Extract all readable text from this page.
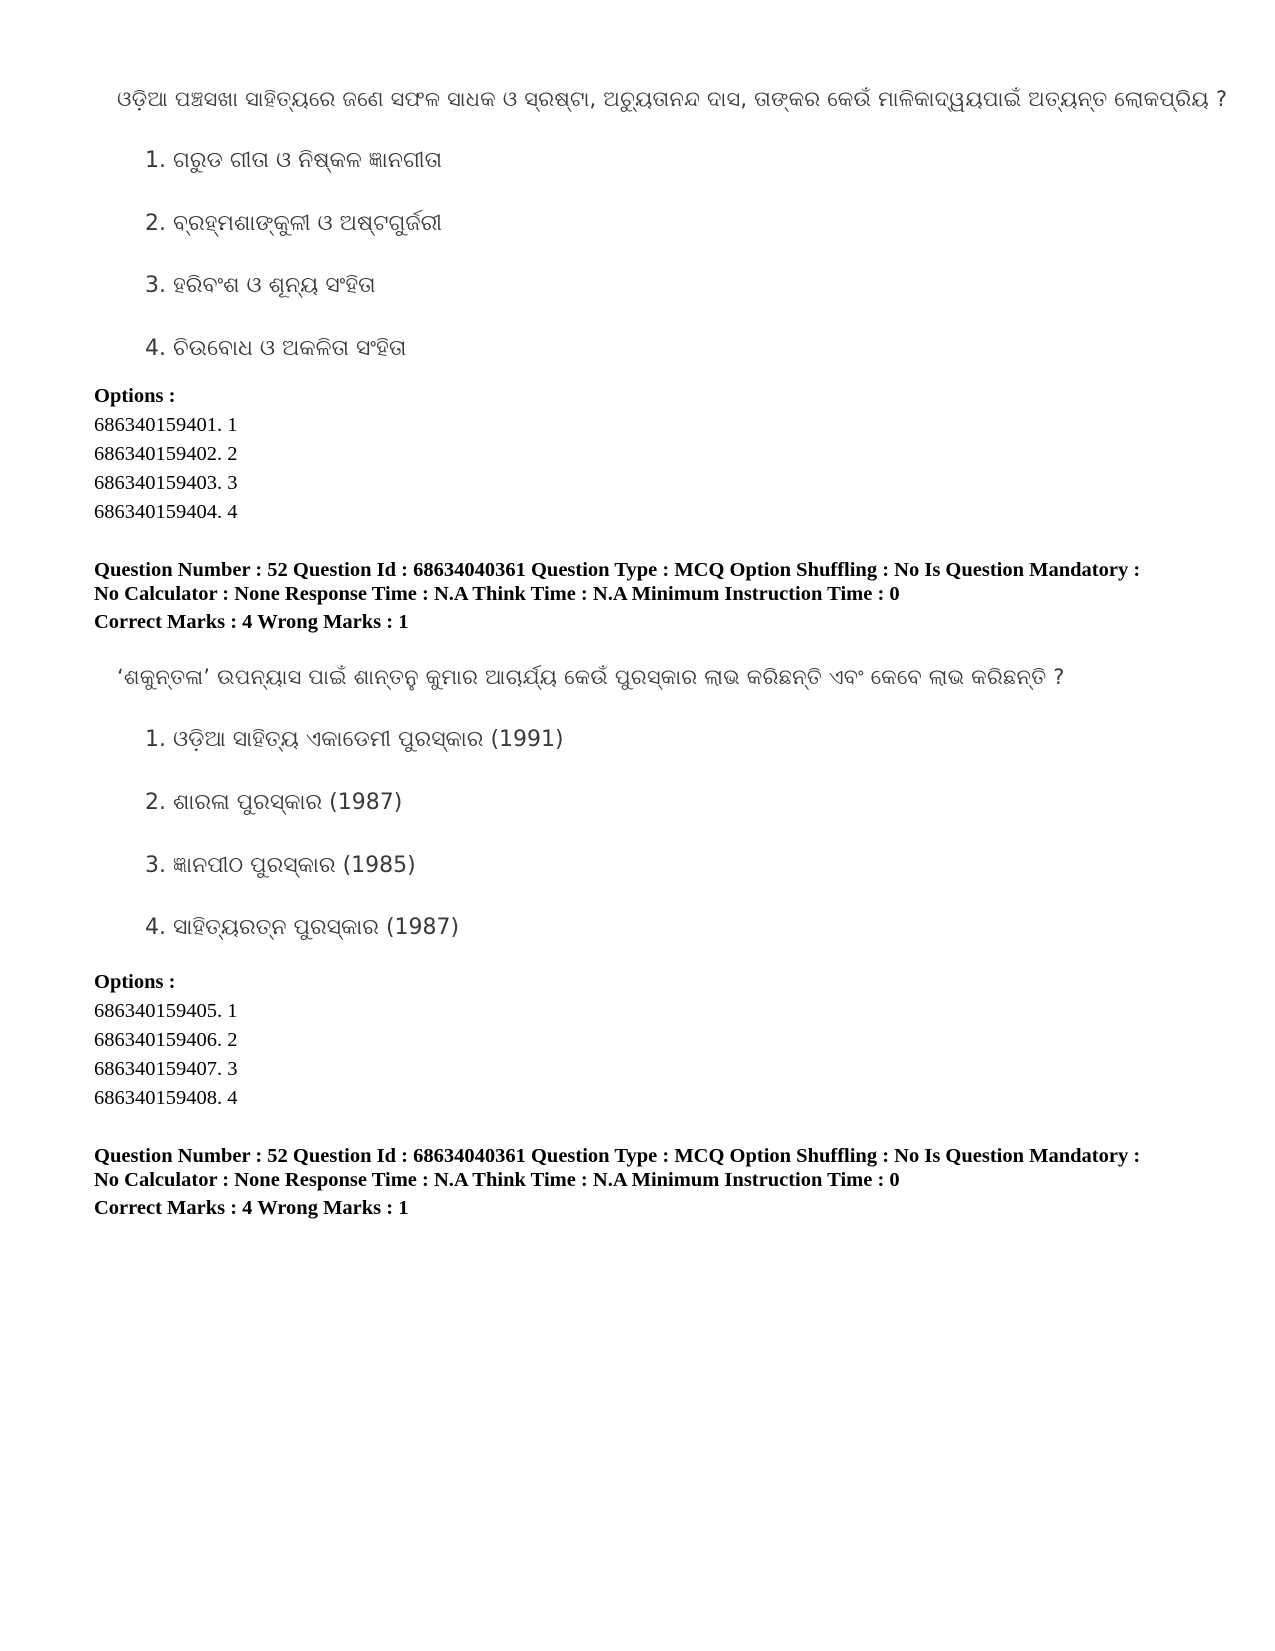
ଓଡ଼ିଆ ପଞ୍ଚସଖା ସାହିତ୍ୟରେ ଜଣେ ସଫଳ ସାଧକ ଓ ସ୍ରଷ୍ଟା, ଅଚ୍ୟୁତାନନ୍ଦ ଦାସ, ତାଙ୍କର କେଉଁ ମାଳିକାଦ୍ୱୟପାଇଁ ଅତ୍ୟନ୍ତ ଲୋକପ୍ରିୟ ?

1. ଗରୁଡ ଗୀତା ଓ ନିଷ୍କଳ ଜ୍ଞାନଗୀତା

2. ବ୍ରହ୍ମଶାଙ୍କୁଳୀ ଓ ଅଷ୍ଟଗୁର୍ଜରୀ

3. ହରିବଂଶ ଓ ଶୂନ୍ୟ ସଂହିତା

4. ଚିଉବୋଧ ଓ ଅକଳିତା ସଂହିତା

Options :

686340159401. 1

686340159402. 2

686340159403. 3

686340159404. 4

Question Number : 52 Question Id : 68634040361 Question Type : MCQ Option Shuffling : No Is Question Mandatory :

No Calculator : None Response Time : N.A Think Time : N.A Minimum Instruction Time : 0

Correct Marks : 4 Wrong Marks : 1

‘ଶକୁନ୍ତଳା’ ଉପନ୍ୟାସ ପାଇଁ ଶାନ୍ତନୁ କୁମାର ଆଚାର୍ଯ୍ୟ କେଉଁ ପୁରସ୍କାର ଲାଭ କରିଛନ୍ତି ଏବଂ କେବେ ଲାଭ କରିଛନ୍ତି ?

1. ଓଡ଼ିଆ ସାହିତ୍ୟ ଏକାଡେମୀ ପୁରସ୍କାର (1991)

2. ଶାରଳା ପୁରସ୍କାର (1987)

3. ଜ୍ଞାନପୀଠ ପୁରସ୍କାର (1985)

4. ସାହିତ୍ୟରତ୍ନ ପୁରସ୍କାର (1987)

Options :

686340159405. 1

686340159406. 2

686340159407. 3

686340159408. 4

Question Number : 52 Question Id : 68634040361 Question Type : MCQ Option Shuffling : No Is Question Mandatory :

No Calculator : None Response Time : N.A Think Time : N.A Minimum Instruction Time : 0

Correct Marks : 4 Wrong Marks : 1
